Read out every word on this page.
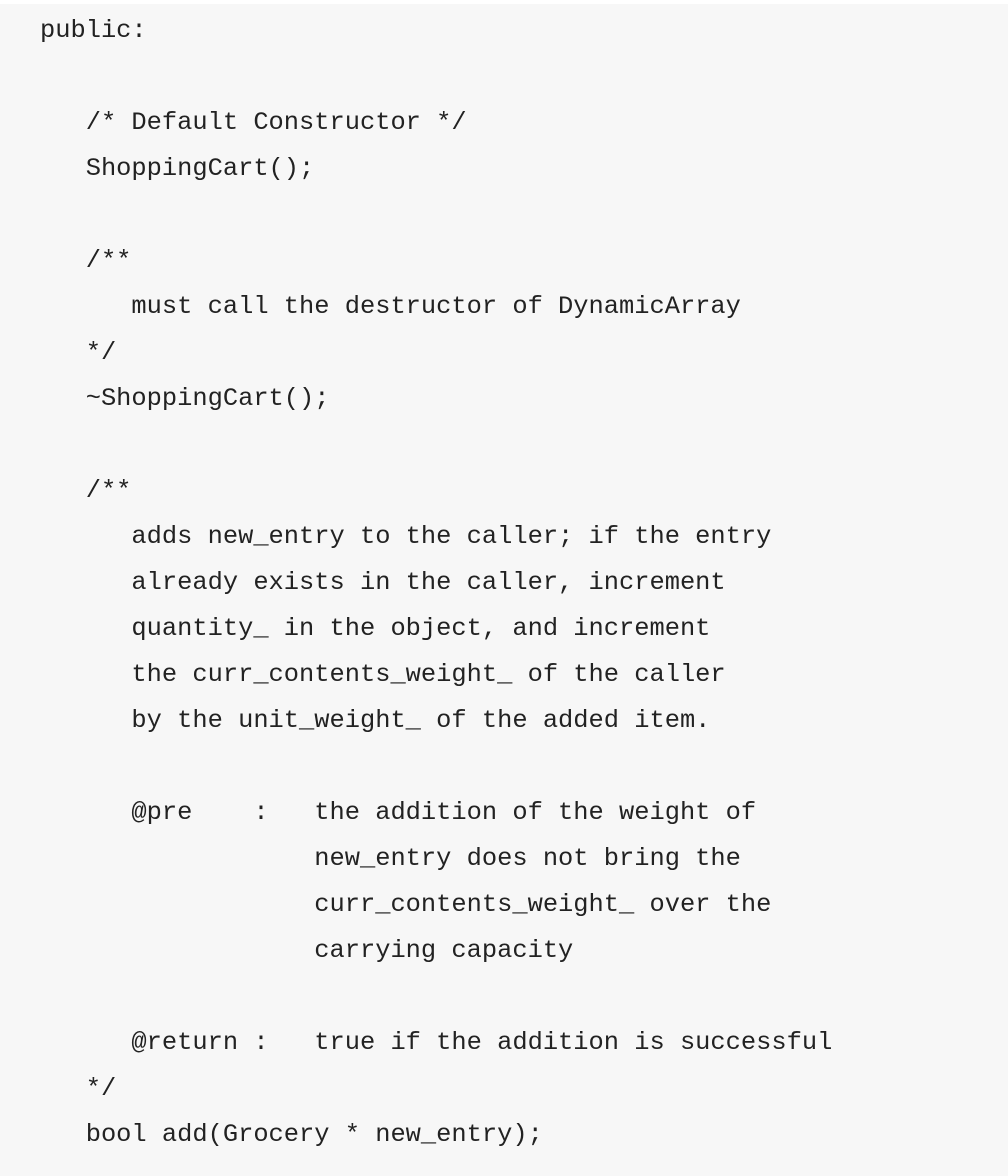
public:
/* Default Constructor */
ShoppingCart();
/**
must call the destructor of DynamicArray
*/
~ShoppingCart();
/**
adds new_entry to the caller; if the entry
already exists in the caller, increment
quantity_ in the object, and increment
the curr_contents_weight_ of the caller
by the unit_weight_ of the added item.
@pre    :   the addition of the weight of
new_entry does not bring the
curr_contents_weight_ over the
carrying capacity
@return :   true if the addition is successful
*/
bool add(Grocery * new_entry);
